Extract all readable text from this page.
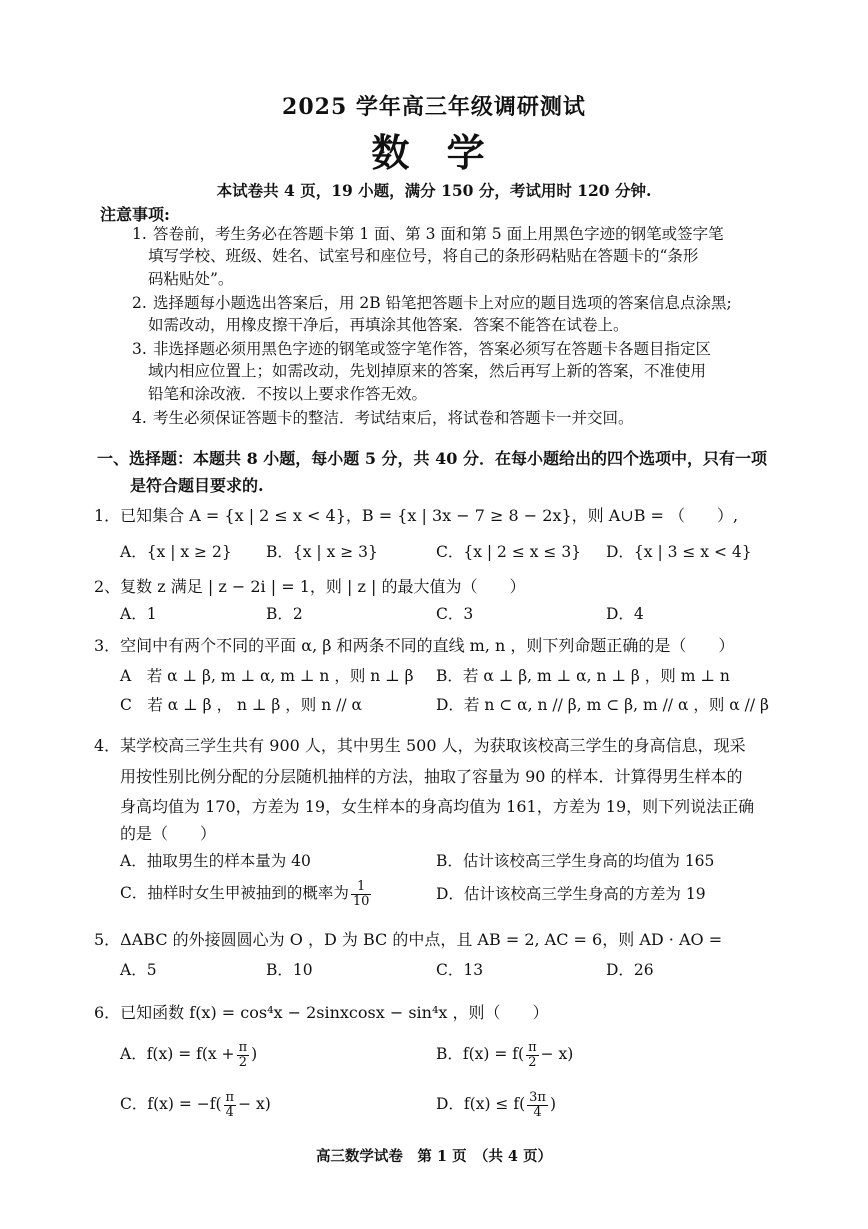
2025 学年高三年级调研测试
数 学
本试卷共 4 页，19 小题，满分 150 分，考试用时 120 分钟.
注意事项:
1. 答卷前，考生务必在答题卡第 1 面、第 3 面和第 5 面上用黑色字迹的钢笔或签字笔
填写学校、班级、姓名、试室号和座位号，将自己的条形码粘贴在答题卡的“条形
码粘贴处”。
2. 选择题每小题选出答案后，用 2B 铅笔把答题卡上对应的题目选项的答案信息点涂黑;
如需改动，用橡皮擦干净后，再填涂其他答案．答案不能答在试卷上。
3. 非选择题必须用黑色字迹的钢笔或签字笔作答，答案必须写在答题卡各题目指定区
域内相应位置上；如需改动，先划掉原来的答案，然后再写上新的答案，不准使用
铅笔和涂改液．不按以上要求作答无效。
4. 考生必须保证答题卡的整洁．考试结束后，将试卷和答题卡一并交回。
一、选择题：本题共 8 小题，每小题 5 分，共 40 分．在每小题给出的四个选项中，只有一项
是符合题目要求的.
1．已知集合 A = {x | 2 ≤ x < 4}，B = {x | 3x − 7 ≥ 8 − 2x}，则 A∪B = （　　）,
A．{x | x ≥ 2} B．{x | x ≥ 3}	C．{x | 2 ≤ x ≤ 3} D．{x | 3 ≤ x < 4}
2、复数 z 满足 | z − 2i | = 1，则 | z | 的最大值为（　　）
A．1	B．2	C．3	D．4
3．空间中有两个不同的平面 α, β 和两条不同的直线 m, n ，则下列命题正确的是（　　）
A　若 α ⊥ β, m ⊥ α, m ⊥ n ，则 n ⊥ β B．若 α ⊥ β, m ⊥ α, n ⊥ β ，则 m ⊥ n
C　若 α ⊥ β ， n ⊥ β ，则 n // α	D．若 n ⊂ α, n // β, m ⊂ β, m // α ，则 α // β
4．某学校高三学生共有 900 人，其中男生 500 人，为获取该校高三学生的身高信息，现采
用按性别比例分配的分层随机抽样的方法，抽取了容量为 90 的样本．计算得男生样本的
身高均值为 170，方差为 19，女生样本的身高均值为 161，方差为 19，则下列说法正确
的是（　　）
A．抽取男生的样本量为 40	B．估计该校高三学生身高的均值为 165
C．抽样时女生甲被抽到的概率为 $\frac{1}{10}$	D．估计该校高三学生身高的方差为 19
5．ΔABC 的外接圆圆心为 O ，D 为 BC 的中点，且 AB = 2, AC = 6，则 AD · AO =
A．5	B．10	C．13	D．26
6．已知函数 f(x) = cos⁴x − 2sinxcosx − sin⁴x ，则（　　）
A．$f(x) = f(x + \frac{\pi}{2}$ )	B．$f(x) = f( \frac{\pi}{2} - x)$
C．$f(x) = -f( \frac{\pi}{4} - x)$	D．$f(x) \le f( \frac{3\pi}{4}$ )
高三数学试卷　第 1 页　（共 4 页）
